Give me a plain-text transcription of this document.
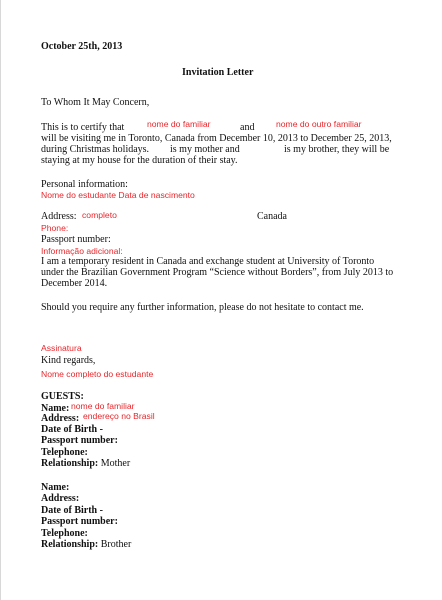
October 25th, 2013
Invitation Letter
To Whom It May Concern,
This is to certify that	nome do familiar	and	nome do outro familiar
will be visiting me in Toronto, Canada from December 10, 2013 to December 25, 2013,
during Christmas holidays. is my mother and	is my brother, they will be
staying at my house for the duration of their stay.
Personal information:
Nome do estudante Data de nascimento
Address: completo	Canada
Phone:
Passport number:
Informação adicional:
I am a temporary resident in Canada and exchange student at University of Toronto
under the Brazilian Government Program “Science without Borders”, from July 2013 to
December 2014.
Should you require any further information, please do not hesitate to contact me.
Assinatura
Kind regards,
Nome completo do estudante
GUESTS:
Name: nome do familiar
Address: endereço no Brasil
Date of Birth -
Passport number:
Telephone:
Relationship: Mother
Name:
Address:
Date of Birth -
Passport number:
Telephone:
Relationship: Brother
